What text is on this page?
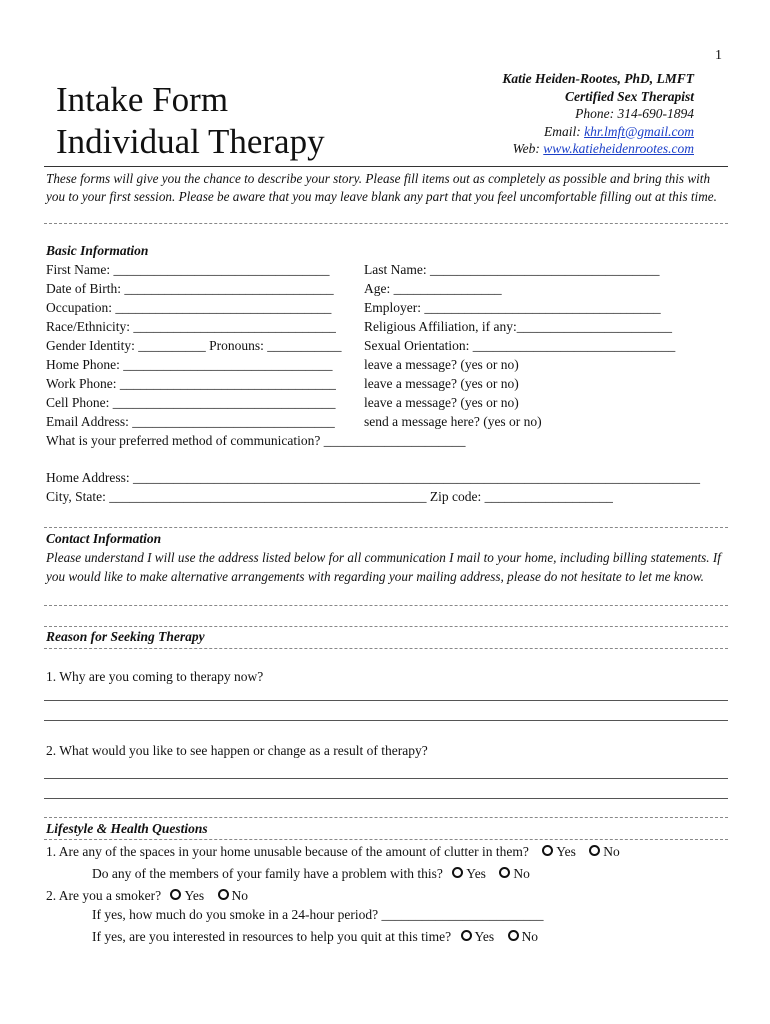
1
Intake Form
Individual Therapy
Katie Heiden-Rootes, PhD, LMFT
Certified Sex Therapist
Phone: 314-690-1894
Email: khr.lmft@gmail.com
Web: www.katieheidenrootes.com
These forms will give you the chance to describe your story. Please fill items out as completely as possible and bring this with you to your first session. Please be aware that you may leave blank any part that you feel uncomfortable filling out at this time.
Basic Information
First Name: ________________________________
Date of Birth: _______________________________
Occupation: ________________________________
Race/Ethnicity: ______________________________
Gender Identity: __________ Pronouns: ___________
Home Phone: _______________________________
Work Phone: ________________________________
Cell Phone: _________________________________
Email Address: ______________________________
Last Name: __________________________________
Age: ________________
Employer: ___________________________________
Religious Affiliation, if any:_______________________
Sexual Orientation: ______________________________
leave a message? (yes or no)
leave a message? (yes or no)
leave a message? (yes or no)
send a message here? (yes or no)
What is your preferred method of communication? _____________________
Home Address: ____________________________________________________________________________________
City, State: _______________________________________________ Zip code: ___________________
Contact Information
Please understand I will use the address listed below for all communication I mail to your home, including billing statements. If you would like to make alternative arrangements with regarding your mailing address, please do not hesitate to let me know.
Reason for Seeking Therapy
1. Why are you coming to therapy now?
2. What would you like to see happen or change as a result of therapy?
Lifestyle & Health Questions
1. Are any of the spaces in your home unusable because of the amount of clutter in them? Yes No
Do any of the members of your family have a problem with this? Yes No
2. Are you a smoker? Yes No
If yes, how much do you smoke in a 24-hour period? ________________________
If yes, are you interested in resources to help you quit at this time? Yes No
